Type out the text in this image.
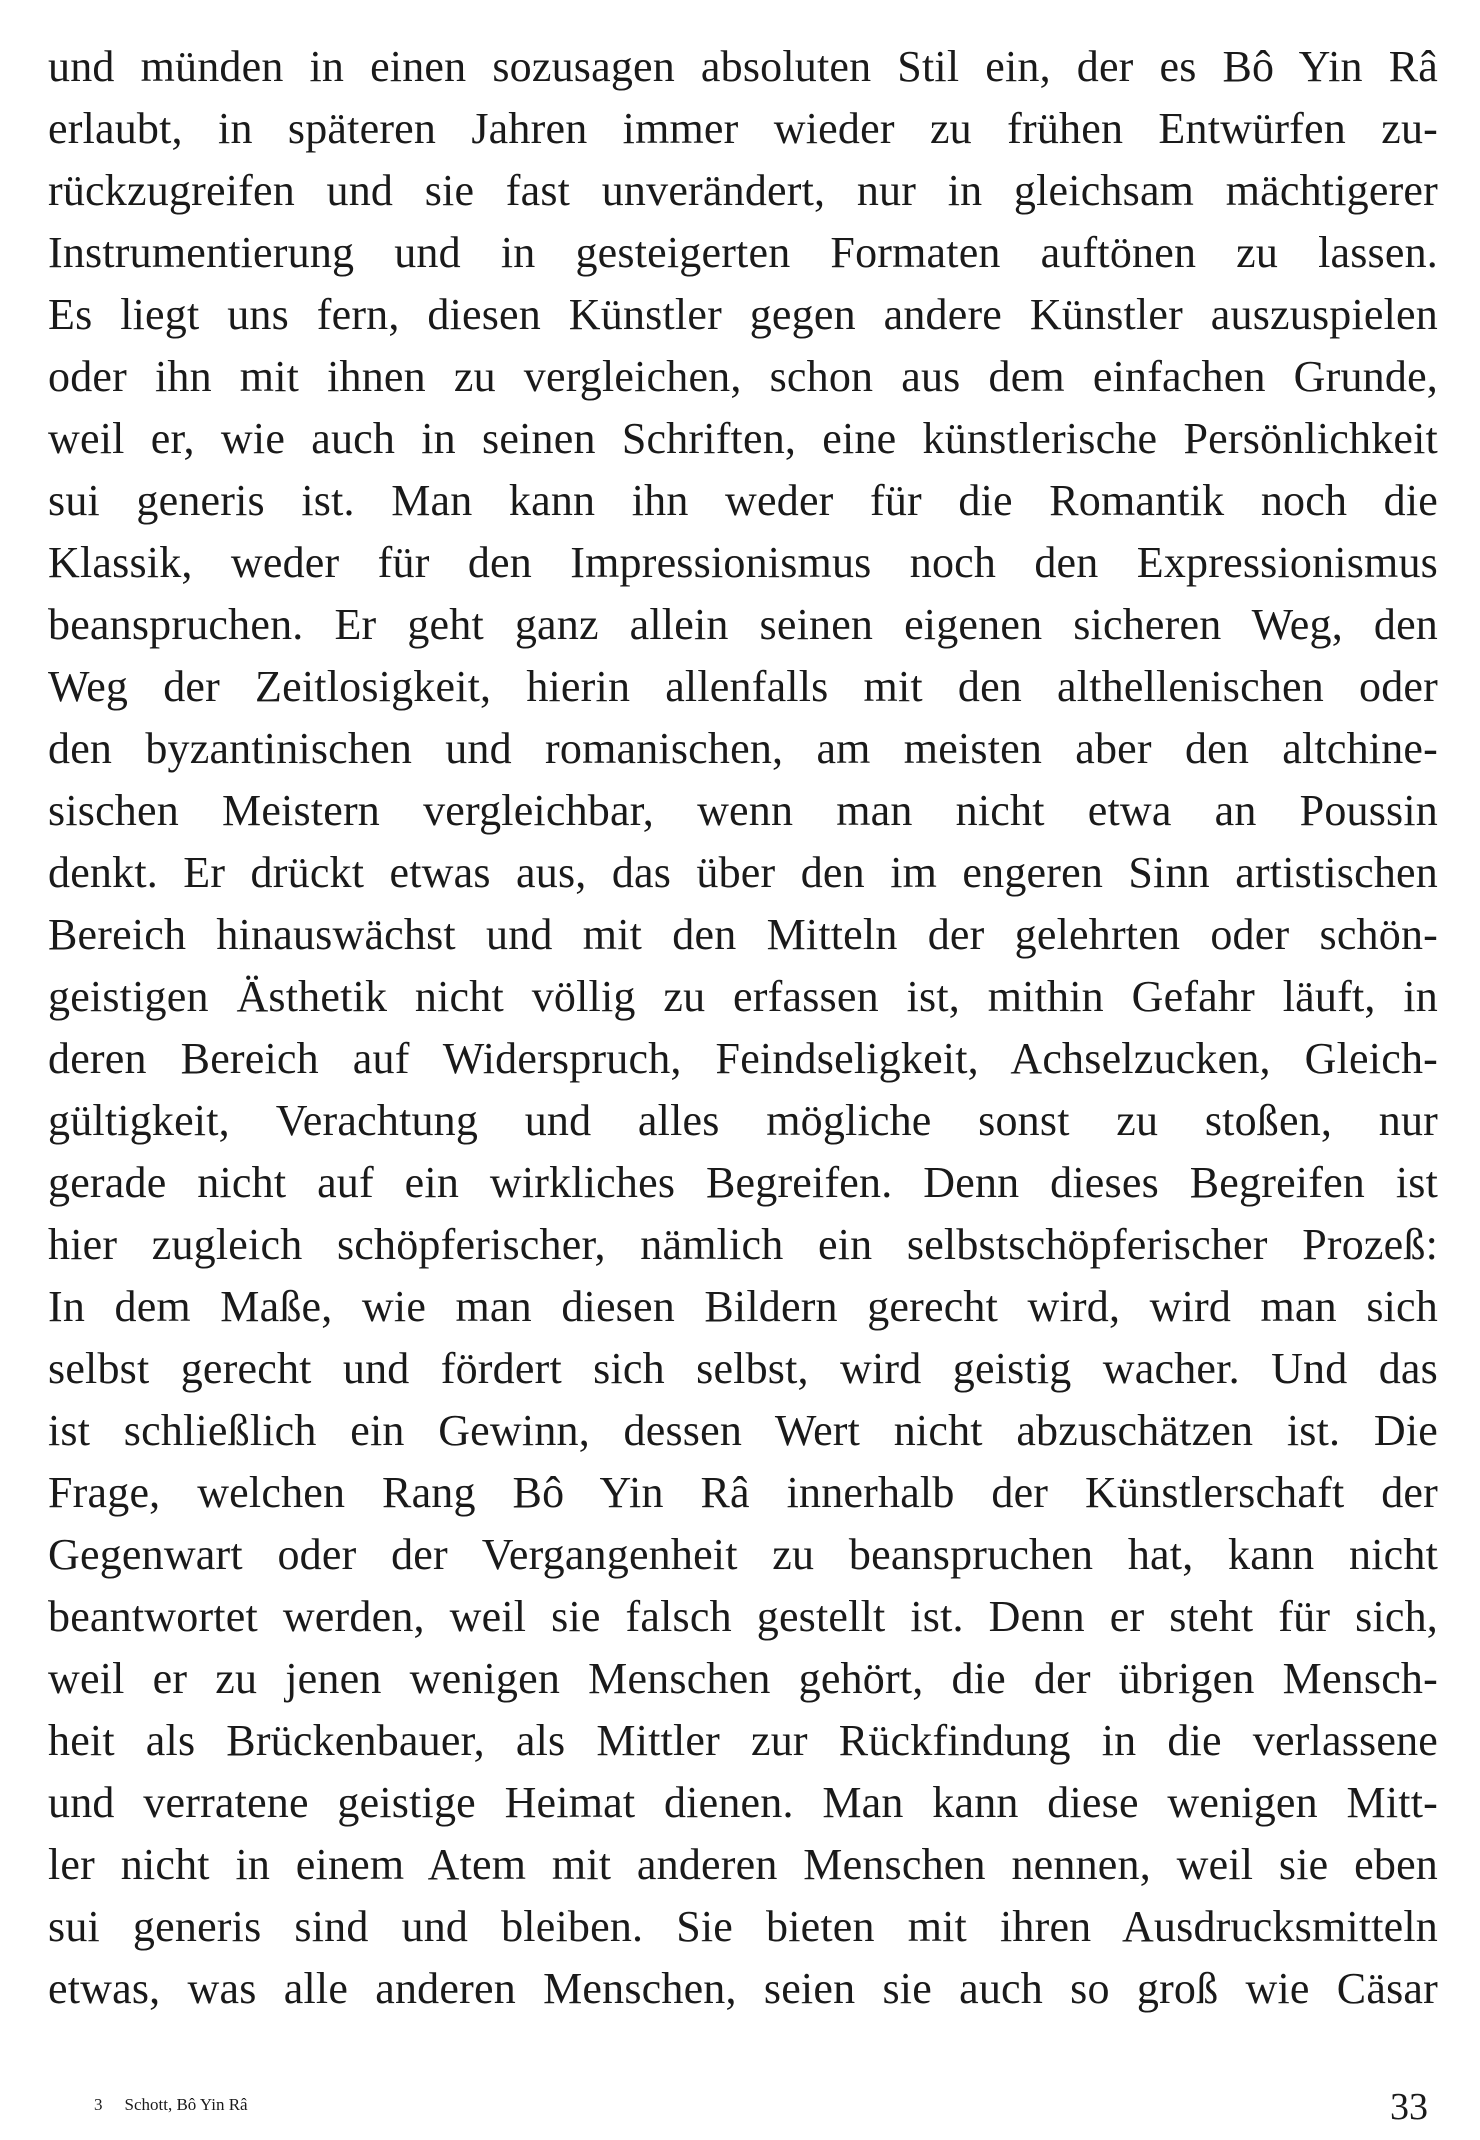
und münden in einen sozusagen absoluten Stil ein, der es Bô Yin Râ
erlaubt, in späteren Jahren immer wieder zu frühen Entwürfen zu-
rückzugreifen und sie fast unverändert, nur in gleichsam mächtigerer
Instrumentierung und in gesteigerten Formaten auftönen zu lassen.
Es liegt uns fern, diesen Künstler gegen andere Künstler auszuspielen
oder ihn mit ihnen zu vergleichen, schon aus dem einfachen Grunde,
weil er, wie auch in seinen Schriften, eine künstlerische Persönlichkeit
sui generis ist. Man kann ihn weder für die Romantik noch die
Klassik, weder für den Impressionismus noch den Expressionismus
beanspruchen. Er geht ganz allein seinen eigenen sicheren Weg, den
Weg der Zeitlosigkeit, hierin allenfalls mit den althellenischen oder
den byzantinischen und romanischen, am meisten aber den altchine-
sischen Meistern vergleichbar, wenn man nicht etwa an Poussin
denkt. Er drückt etwas aus, das über den im engeren Sinn artistischen
Bereich hinauswächst und mit den Mitteln der gelehrten oder schön-
geistigen Ästhetik nicht völlig zu erfassen ist, mithin Gefahr läuft, in
deren Bereich auf Widerspruch, Feindseligkeit, Achselzucken, Gleich-
gültigkeit, Verachtung und alles mögliche sonst zu stoßen, nur
gerade nicht auf ein wirkliches Begreifen. Denn dieses Begreifen ist
hier zugleich schöpferischer, nämlich ein selbstschöpferischer Prozeß:
In dem Maße, wie man diesen Bildern gerecht wird, wird man sich
selbst gerecht und fördert sich selbst, wird geistig wacher. Und das
ist schließlich ein Gewinn, dessen Wert nicht abzuschätzen ist. Die
Frage, welchen Rang Bô Yin Râ innerhalb der Künstlerschaft der
Gegenwart oder der Vergangenheit zu beanspruchen hat, kann nicht
beantwortet werden, weil sie falsch gestellt ist. Denn er steht für sich,
weil er zu jenen wenigen Menschen gehört, die der übrigen Mensch-
heit als Brückenbauer, als Mittler zur Rückfindung in die verlassene
und verratene geistige Heimat dienen. Man kann diese wenigen Mitt-
ler nicht in einem Atem mit anderen Menschen nennen, weil sie eben
sui generis sind und bleiben. Sie bieten mit ihren Ausdrucksmitteln
etwas, was alle anderen Menschen, seien sie auch so groß wie Cäsar
3 Schott, Bô Yin Râ	33
